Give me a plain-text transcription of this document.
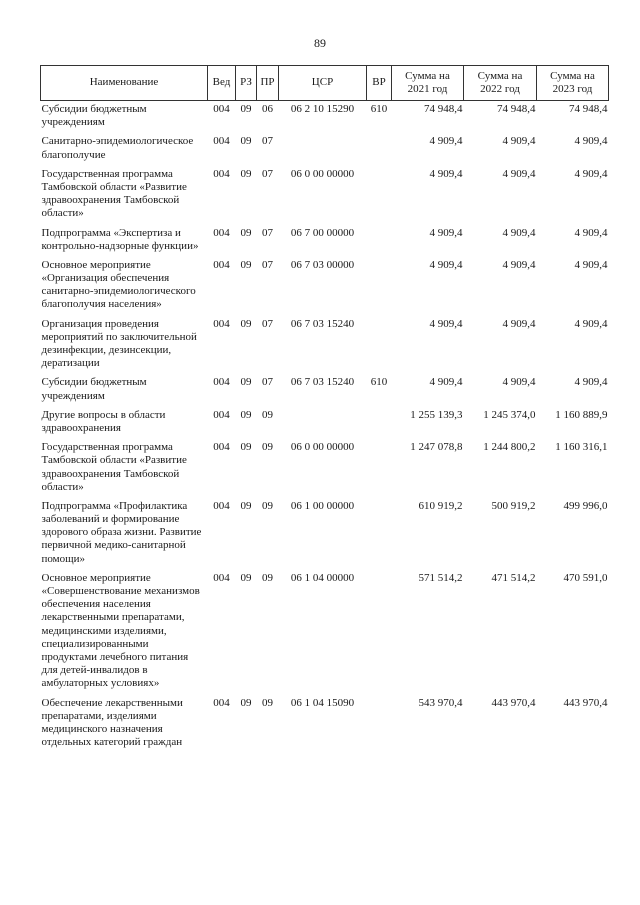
89
Наименование	Вед	РЗ	ПР	ЦСР	ВР	Сумма на 2021 год	Сумма на 2022 год	Сумма на 2023 год
Субсидии бюджетным учреждениям	004	09	06	06 2 10 15290	610	74 948,4	74 948,4	74 948,4
Санитарно-эпидемиологическое благополучие	004	09	07			4 909,4	4 909,4	4 909,4
Государственная программа Тамбовской области «Развитие здравоохранения Тамбовской области»	004	09	07	06 0 00 00000		4 909,4	4 909,4	4 909,4
Подпрограмма «Экспертиза и контрольно-надзорные функции»	004	09	07	06 7 00 00000		4 909,4	4 909,4	4 909,4
Основное мероприятие «Организация обеспечения санитарно-эпидемиологического благополучия населения»	004	09	07	06 7 03 00000		4 909,4	4 909,4	4 909,4
Организация проведения мероприятий по заключительной дезинфекции, дезинсекции, дератизации	004	09	07	06 7 03 15240		4 909,4	4 909,4	4 909,4
Субсидии бюджетным учреждениям	004	09	07	06 7 03 15240	610	4 909,4	4 909,4	4 909,4
Другие вопросы в области здравоохранения	004	09	09			1 255 139,3	1 245 374,0	1 160 889,9
Государственная программа Тамбовской области «Развитие здравоохранения Тамбовской области»	004	09	09	06 0 00 00000		1 247 078,8	1 244 800,2	1 160 316,1
Подпрограмма «Профилактика заболеваний и формирование здорового образа жизни. Развитие первичной медико-санитарной помощи»	004	09	09	06 1 00 00000		610 919,2	500 919,2	499 996,0
Основное мероприятие «Совершенствование механизмов обеспечения населения лекарственными препаратами, медицинскими изделиями, специализированными продуктами лечебного питания для детей-инвалидов в амбулаторных условиях»	004	09	09	06 1 04 00000		571 514,2	471 514,2	470 591,0
Обеспечение лекарственными препаратами, изделиями медицинского назначения отдельных категорий граждан	004	09	09	06 1 04 15090		543 970,4	443 970,4	443 970,4
